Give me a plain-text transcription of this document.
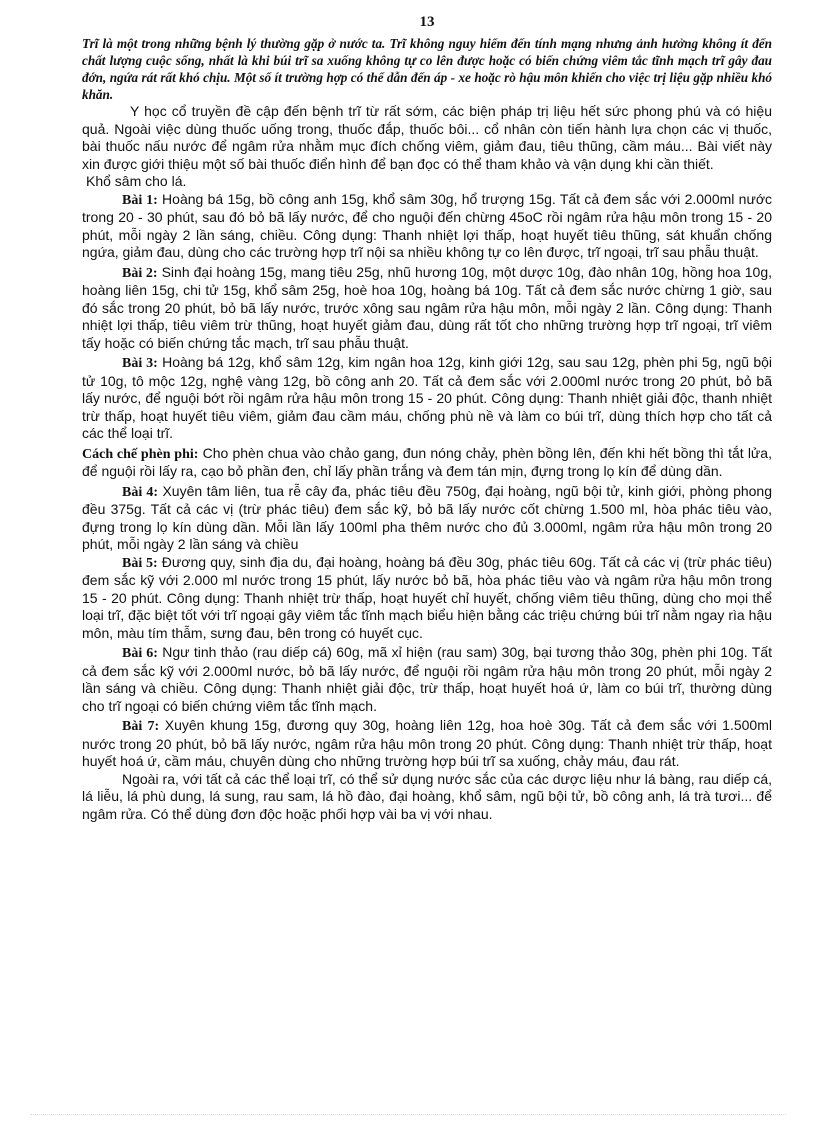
13

Trĩ là một trong những bệnh lý thường gặp ở nước ta. Trĩ không nguy hiểm đến tính mạng nhưng ảnh hưởng không ít đến chất lượng cuộc sống, nhất là khi búi trĩ sa xuống không tự co lên được hoặc có biến chứng viêm tắc tĩnh mạch trĩ gây đau đớn, ngứa rát rất khó chịu. Một số ít trường hợp có thể dẫn đến áp - xe hoặc rò hậu môn khiến cho việc trị liệu gặp nhiều khó khăn.

Y học cổ truyền đề cập đến bệnh trĩ từ rất sớm, các biện pháp trị liệu hết sức phong phú và có hiệu quả. Ngoài việc dùng thuốc uống trong, thuốc đắp, thuốc bôi... cổ nhân còn tiến hành lựa chọn các vị thuốc, bài thuốc nấu nước để ngâm rửa nhằm mục đích chống viêm, giảm đau, tiêu thũng, cầm máu... Bài viết này xin được giới thiệu một số bài thuốc điển hình để bạn đọc có thể tham khảo và vận dụng khi cần thiết.

Khổ sâm cho lá.

Bài 1: Hoàng bá 15g, bồ công anh 15g, khổ sâm 30g, hổ trượng 15g. Tất cả đem sắc với 2.000ml nước trong 20 - 30 phút, sau đó bỏ bã lấy nước, để cho nguội đến chừng 45oC rồi ngâm rửa hậu môn trong 15 - 20 phút, mỗi ngày 2 lần sáng, chiều. Công dụng: Thanh nhiệt lợi thấp, hoạt huyết tiêu thũng, sát khuẩn chống ngứa, giảm đau, dùng cho các trường hợp trĩ nội sa nhiều không tự co lên được, trĩ ngoại, trĩ sau phẫu thuật.

Bài 2: Sinh đại hoàng 15g, mang tiêu 25g, nhũ hương 10g, một dược 10g, đào nhân 10g, hồng hoa 10g, hoàng liên 15g, chi tử 15g, khổ sâm 25g, hoè hoa 10g, hoàng bá 10g. Tất cả đem sắc nước chừng 1 giờ, sau đó sắc trong 20 phút, bỏ bã lấy nước, trước xông sau ngâm rửa hậu môn, mỗi ngày 2 lần. Công dụng: Thanh nhiệt lợi thấp, tiêu viêm trừ thũng, hoạt huyết giảm đau, dùng rất tốt cho những trường hợp trĩ ngoại, trĩ viêm tấy hoặc có biến chứng tắc mạch, trĩ sau phẫu thuật.

Bài 3: Hoàng bá 12g, khổ sâm 12g, kim ngân hoa 12g, kinh giới 12g, sau sau 12g, phèn phi 5g, ngũ bội tử 10g, tô mộc 12g, nghệ vàng 12g, bồ công anh 20. Tất cả đem sắc với 2.000ml nước trong 20 phút, bỏ bã lấy nước, để nguội bớt rồi ngâm rửa hậu môn trong 15 - 20 phút. Công dụng: Thanh nhiệt giải độc, thanh nhiệt trừ thấp, hoạt huyết tiêu viêm, giảm đau cầm máu, chống phù nề và làm co búi trĩ, dùng thích hợp cho tất cả các thể loại trĩ.

Cách chế phèn phi: Cho phèn chua vào chảo gang, đun nóng chảy, phèn bồng lên, đến khi hết bồng thì tắt lửa, để nguội rồi lấy ra, cạo bỏ phần đen, chỉ lấy phần trắng và đem tán mịn, đựng trong lọ kín để dùng dần.

Bài 4: Xuyên tâm liên, tua rễ cây đa, phác tiêu đều 750g, đại hoàng, ngũ bội tử, kinh giới, phòng phong đều 375g. Tất cả các vị (trừ phác tiêu) đem sắc kỹ, bỏ bã lấy nước cốt chừng 1.500 ml, hòa phác tiêu vào, đựng trong lọ kín dùng dần. Mỗi lần lấy 100ml pha thêm nước cho đủ 3.000ml, ngâm rửa hậu môn trong 20 phút, mỗi ngày 2 lần sáng và chiều

Bài 5: Đương quy, sinh địa du, đại hoàng, hoàng bá đều 30g, phác tiêu 60g. Tất cả các vị (trừ phác tiêu) đem sắc kỹ với 2.000 ml nước trong 15 phút, lấy nước bỏ bã, hòa phác tiêu vào và ngâm rửa hậu môn trong 15 - 20 phút. Công dụng: Thanh nhiệt trừ thấp, hoạt huyết chỉ huyết, chống viêm tiêu thũng, dùng cho mọi thể loại trĩ, đặc biệt tốt với trĩ ngoại gây viêm tắc tĩnh mạch biểu hiện bằng các triệu chứng búi trĩ nằm ngay rìa hậu môn, màu tím thẫm, sưng đau, bên trong có huyết cục.

Bài 6: Ngư tinh thảo (rau diếp cá) 60g, mã xỉ hiện (rau sam) 30g, bại tương thảo 30g, phèn phi 10g. Tất cả đem sắc kỹ với 2.000ml nước, bỏ bã lấy nước, để nguội rồi ngâm rửa hậu môn trong 20 phút, mỗi ngày 2 lần sáng và chiều. Công dụng: Thanh nhiệt giải độc, trừ thấp, hoạt huyết hoá ứ, làm co búi trĩ, thường dùng cho trĩ ngoại có biến chứng viêm tắc tĩnh mạch.

Bài 7: Xuyên khung 15g, đương quy 30g, hoàng liên 12g, hoa hoè 30g. Tất cả đem sắc với 1.500ml nước trong 20 phút, bỏ bã lấy nước, ngâm rửa hậu môn trong 20 phút. Công dụng: Thanh nhiệt trừ thấp, hoạt huyết hoá ứ, cầm máu, chuyên dùng cho những trường hợp búi trĩ sa xuống, chảy máu, đau rát.

Ngoài ra, với tất cả các thể loại trĩ, có thể sử dụng nước sắc của các dược liệu như lá bàng, rau diếp cá, lá liễu, lá phù dung, lá sung, rau sam, lá hồ đào, đại hoàng, khổ sâm, ngũ bội tử, bồ công anh, lá trà tươi... để ngâm rửa. Có thể dùng đơn độc hoặc phối hợp vài ba vị với nhau.
